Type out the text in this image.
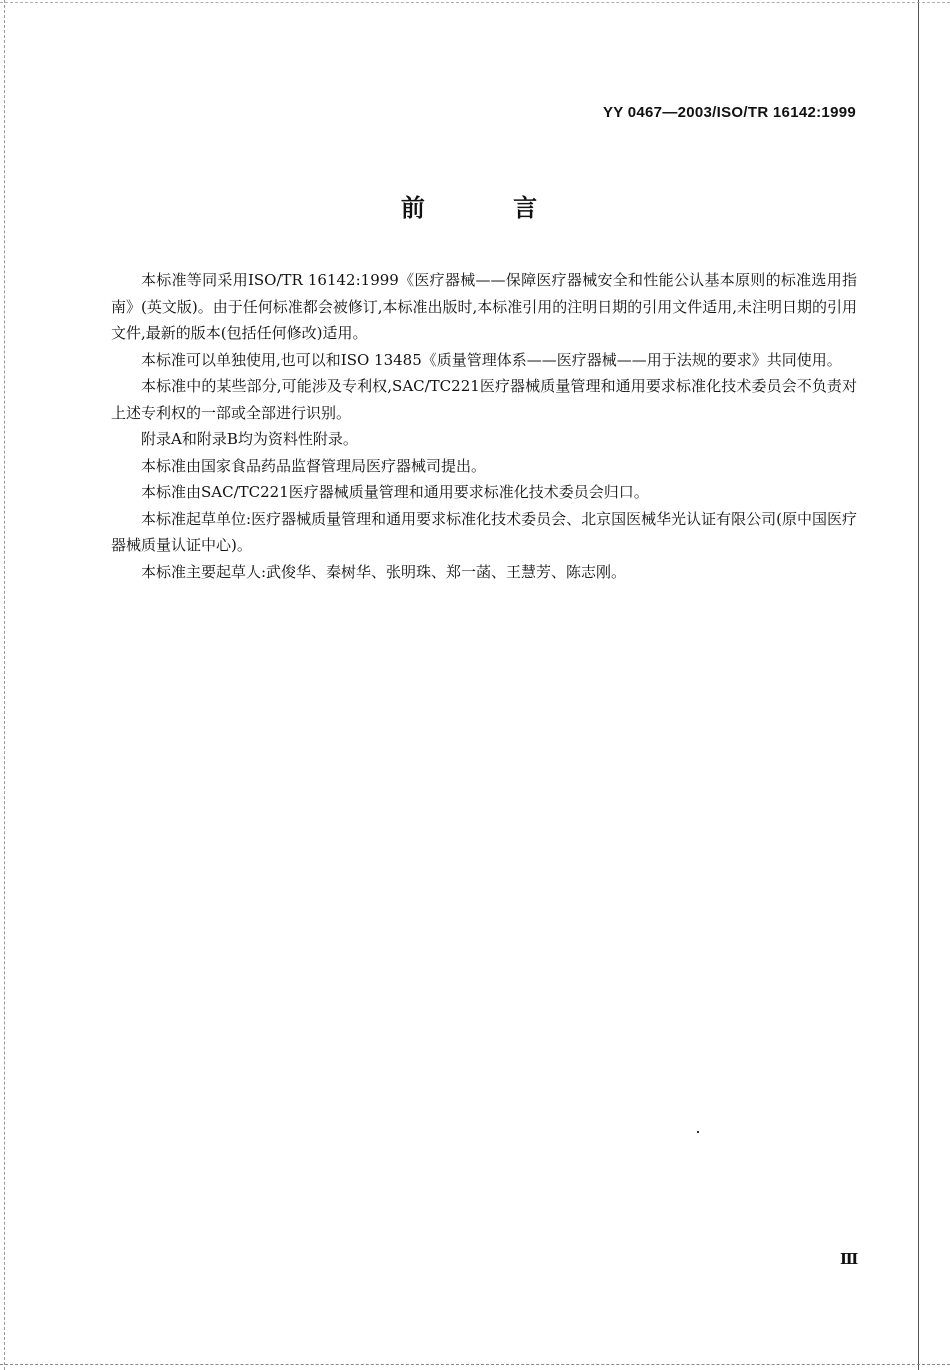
YY 0467—2003/ISO/TR 16142:1999
前 言

本标准等同采用ISO/TR 16142:1999《医疗器械——保障医疗器械安全和性能公认基本原则的标准选用指南》(英文版)。由于任何标准都会被修订,本标准出版时,本标准引用的注明日期的引用文件适用,未注明日期的引用文件,最新的版本(包括任何修改)适用。

本标准可以单独使用,也可以和ISO 13485《质量管理体系——医疗器械——用于法规的要求》共同使用。

本标准中的某些部分,可能涉及专利权,SAC/TC221医疗器械质量管理和通用要求标准化技术委员会不负责对上述专利权的一部或全部进行识别。

附录A和附录B均为资料性附录。

本标准由国家食品药品监督管理局医疗器械司提出。

本标准由SAC/TC221医疗器械质量管理和通用要求标准化技术委员会归口。

本标准起草单位:医疗器械质量管理和通用要求标准化技术委员会、北京国医械华光认证有限公司(原中国医疗器械质量认证中心)。

本标准主要起草人:武俊华、秦树华、张明珠、郑一菡、王慧芳、陈志刚。

Ⅲ
